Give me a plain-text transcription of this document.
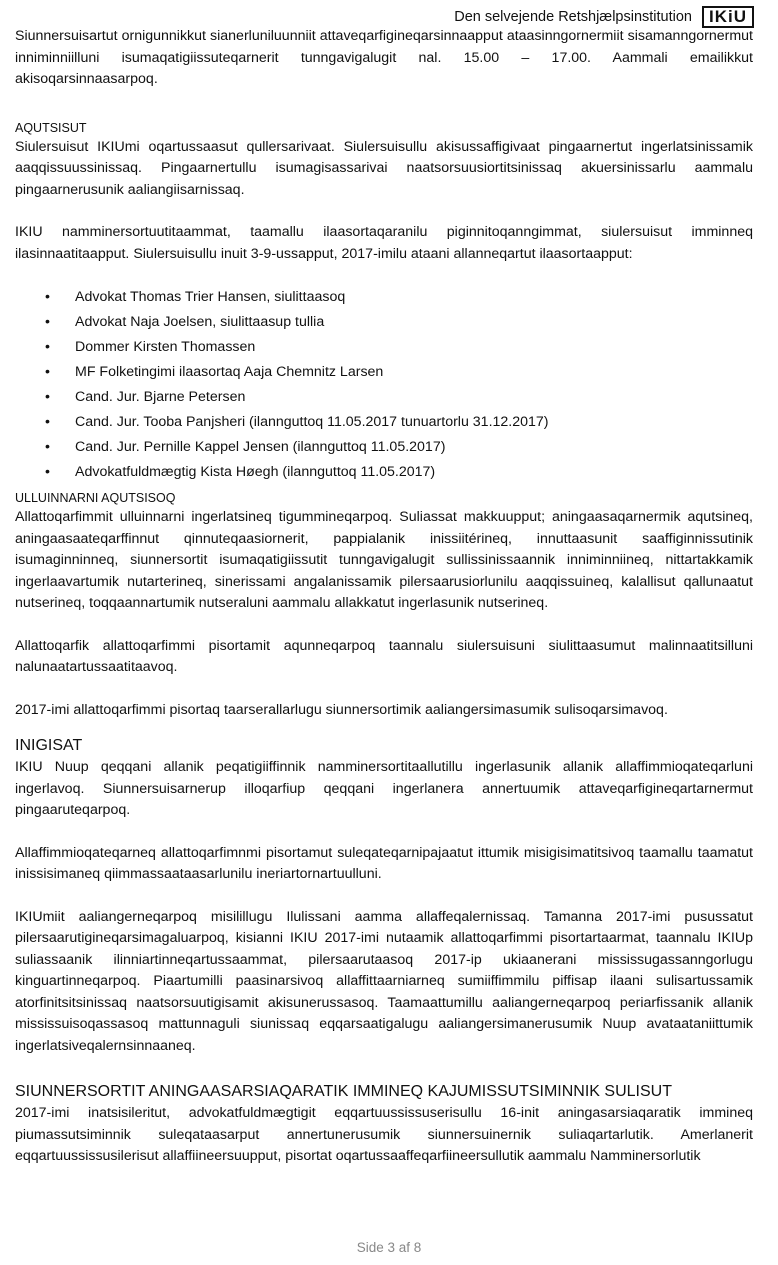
Den selvejende Retshjælpsinstitution	IKiU

Siunnersuisartut ornigunnikkut sianerluniluunniit attaveqarfigineqarsinnaapput ataasinngornermiit sisamanngornermut inniminniilluni isumaqatigiissuteqarnerit tunngavigalugit nal. 15.00 – 17.00. Aammali emailikkut akisoqarsinnaasarpoq.

AQUTSISUT

Siulersuisut IKIUmi oqartussaasut qullersarivaat. Siulersuisullu akisussaffigivaat pingaarnertut ingerlatsinissamik aaqqissuussinissaq. Pingaarnertullu isumagisassarivai naatsorsuusiortitsinissaq akuersinissarlu aammalu pingaarnerusunik aaliangiisarnissaq.

IKIU namminersortuutitaammat, taamallu ilaasortaqaranilu piginnitoqanngimmat, siulersuisut imminneq ilasinnaatitaapput. Siulersuisullu inuit 3-9-ussapput, 2017-imilu ataani allanneqartut ilaasortaapput:

• Advokat Thomas Trier Hansen, siulittaasoq
• Advokat Naja Joelsen, siulittaasup tullia
• Dommer Kirsten Thomassen
• MF Folketingimi ilaasortaq Aaja Chemnitz Larsen
• Cand. Jur. Bjarne Petersen
• Cand. Jur. Tooba Panjsheri (ilannguttoq 11.05.2017 tunuartorlu 31.12.2017)
• Cand. Jur. Pernille Kappel Jensen (ilannguttoq 11.05.2017)
• Advokatfuldmægtig Kista Høegh (ilannguttoq 11.05.2017)
ULLUINNARNI AQUTSISOQ

Allattoqarfimmit ulluinnarni ingerlatsineq tigummineqarpoq. Suliassat makkuupput; aningaasaqarnermik aqutsineq, aningaasaateqarffinnut qinnuteqaasiornerit, pappialanik inissiitérineq, innuttaasunit saaffiginnissutinik isumaginninneq, siunnersortit isumaqatigiissutit tunngavigalugit sullissinissaannik inniminniineq, nittartakkamik ingerlaavartumik nutarterineq, sinerissami angalanissamik pilersaarusiorlunilu aaqqissuineq, kalallisut qallunaatut nutserineq, toqqaannartumik nutseraluni aammalu allakkatut ingerlasunik nutserineq.

Allattoqarfik allattoqarfimmi pisortamit aqunneqarpoq taannalu siulersuisuni siulittaasumut malinnaatitsilluni nalunaatartussaatitaavoq.

2017-imi allattoqarfimmi pisortaq taarserallarlugu siunnersortimik aaliangersimasumik sulisoqarsimavoq.

INIGISAT

IKIU Nuup qeqqani allanik peqatigiiffinnik namminersortitaallutillu ingerlasunik allanik allaffimmioqateqarluni ingerlavoq. Siunnersuisarnerup illoqarfiup qeqqani ingerlanera annertuumik attaveqarfigineqartarnermut pingaaruteqarpoq.

Allaffimmioqateqarneq allattoqarfimnmi pisortamut suleqateqarnipajaatut ittumik misigisimatitsivoq taamallu taamatut inissisimaneq qiimmassaataasarlunilu ineriartornartuulluni.

IKIUmiit aaliangerneqarpoq misilillugu Ilulissani aamma allaffeqalernissaq. Tamanna 2017-imi pusussatut pilersaarutigineqarsimagaluarpoq, kisianni IKIU 2017-imi nutaamik allattoqarfimmi pisortartaarmat, taannalu IKIUp suliassaanik ilinniartinneqartussaammat, pilersaarutaasoq 2017-ip ukiaanerani mississugassanngorlugu kinguartinneqarpoq. Piaartumilli paasinarsivoq allaffittaarniarneq sumiiffimmilu piffisap ilaani sulisartussamik atorfinitsitsinissaq naatsorsuutigisamit akisunerussasoq. Taamaattumillu aaliangerneqarpoq periarfissanik allanik mississuisoqassasoq mattunnaguli siunissaq eqqarsaatigalugu aaliangersimanerusumik Nuup avataataniittumik ingerlatsiveqalernsinnaaneq.

SIUNNERSORTIT ANINGAASARSIAQARATIK IMMINEQ KAJUMISSUTSIMINNIK SULISUT

2017-imi inatsisileritut, advokatfuldmægtigit eqqartuussissuserisullu 16-init aningasarsiaqaratik immineq piumassutsiminnik suleqataasarput annertunerusumik siunnersuinernik suliaqartarlutik. Amerlanerit eqqartuussissusilerisut allaffiineersuupput, pisortat oqartussaaffeqarfiineersullutik aammalu Namminersorlutik

Side 3 af 8
